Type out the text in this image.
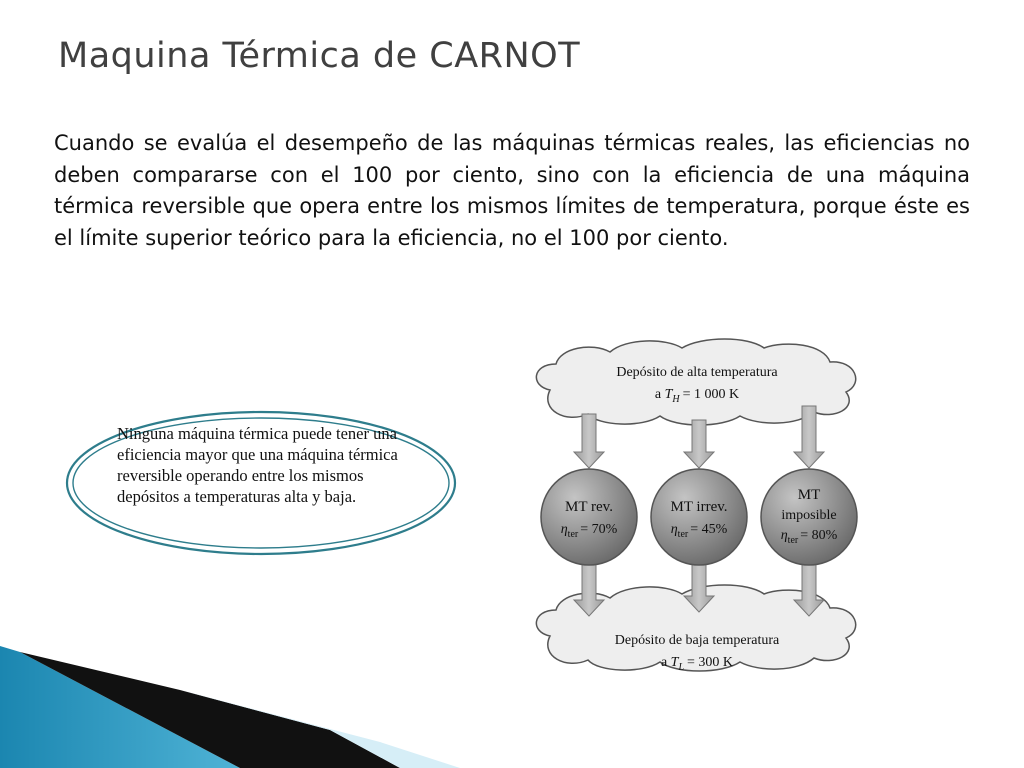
Maquina Térmica de CARNOT

Cuando se evalúa el desempeño de las máquinas térmicas reales, las eficiencias no deben compararse con el 100 por ciento, sino con la eficiencia de una máquina térmica reversible que opera entre los mismos límites de temperatura, porque éste es el límite superior teórico para la eficiencia, no el 100 por ciento.

Ninguna máquina térmica puede tener una eficiencia mayor que una máquina térmica reversible operando entre los mismos depósitos a temperaturas alta y baja.

Depósito de alta temperatura
a $T_H = 1$ 000 K
Depósito de baja temperatura
a $T_L = 300$ K
MT rev.
$\eta_{ter} = 70\%$
MT irrev.
$\eta_{ter} = 45\%$
MT
imposible
$\eta_{ter} = 80\%$
